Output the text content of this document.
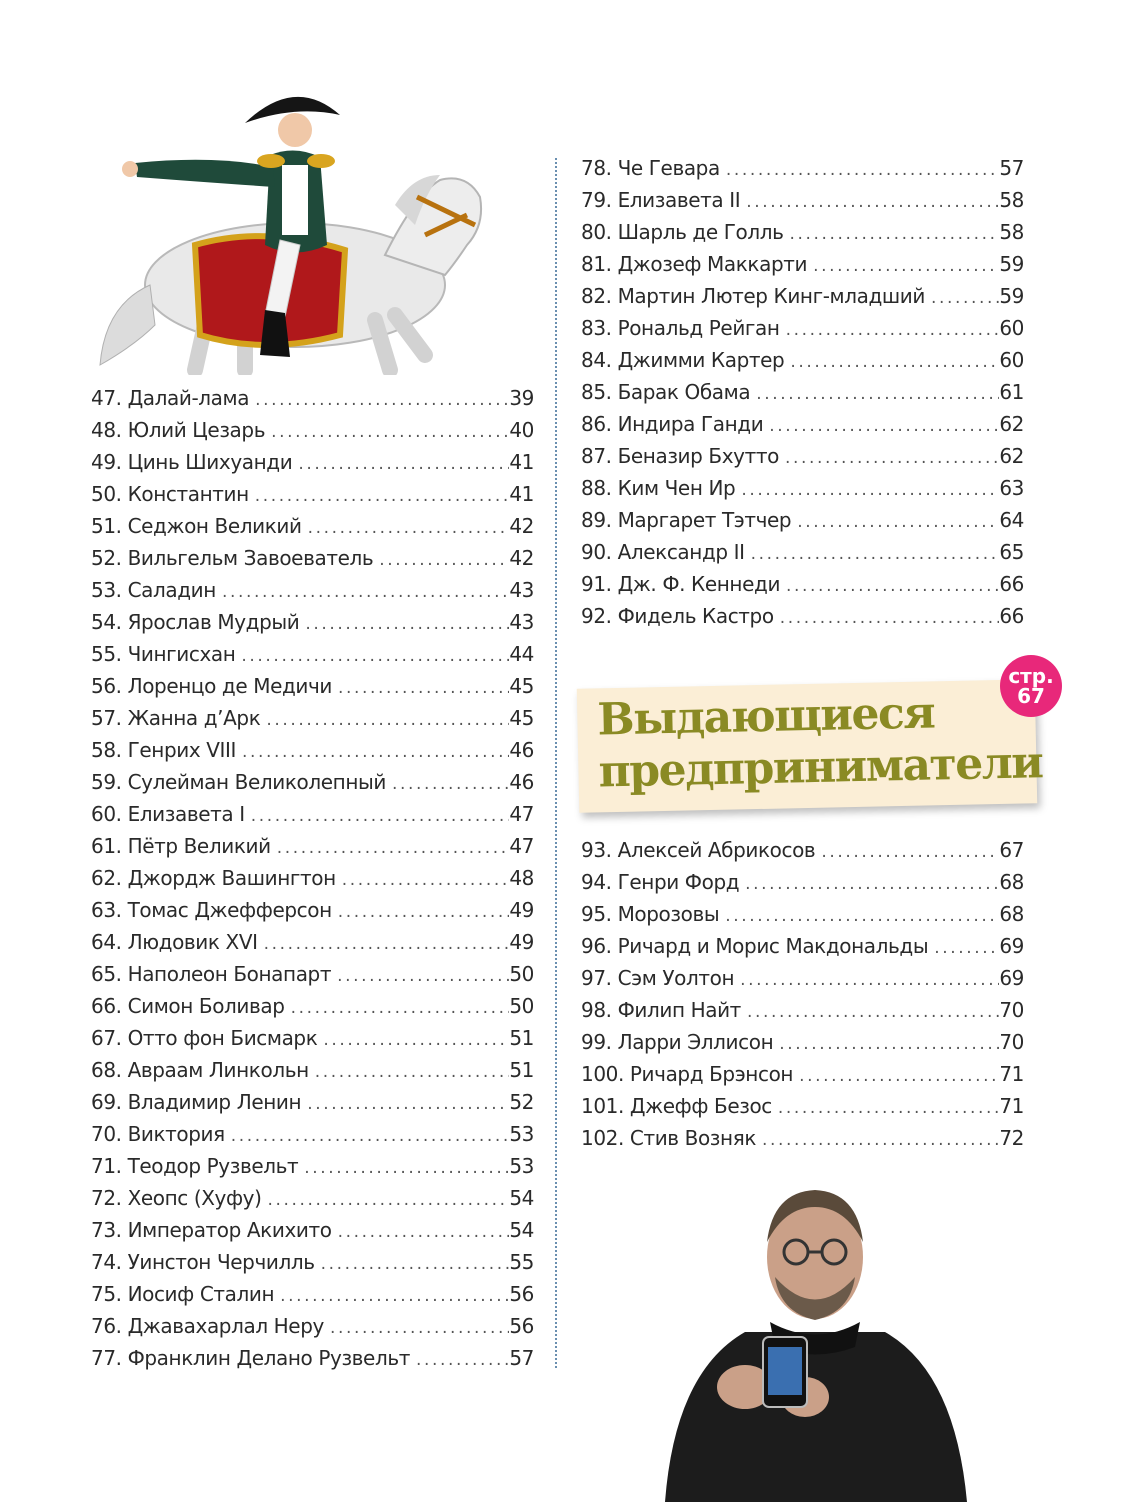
47. Далай-лама .....	39
48. Юлий Цезарь .....	40
49. Цинь Шихуанди .....	41
50. Константин .....	41
51. Седжон Великий .....	42
52. Вильгельм Завоеватель .....	42
53. Саладин .....	43
54. Ярослав Мудрый .....	43
55. Чингисхан .....	44
56. Лоренцо де Медичи .....	45
57. Жанна д’Арк .....	45
58. Генрих VIII .....	46
59. Сулейман Великолепный .....	46
60. Елизавета I .....	47
61. Пётр Великий .....	47
62. Джордж Вашингтон .....	48
63. Томас Джефферсон .....	49
64. Людовик XVI .....	49
65. Наполеон Бонапарт .....	50
66. Симон Боливар .....	50
67. Отто фон Бисмарк .....	51
68. Авраам Линкольн .....	51
69. Владимир Ленин .....	52
70. Виктория .....	53
71. Теодор Рузвельт .....	53
72. Хеопс (Хуфу) .....	54
73. Император Акихито .....	54
74. Уинстон Черчилль .....	55
75. Иосиф Сталин .....	56
76. Джавахарлал Неру .....	56
77. Франклин Делано Рузвельт .....	57
78. Че Гевара .....	57
79. Елизавета II .....	58
80. Шарль де Голль .....	58
81. Джозеф Маккарти .....	59
82. Мартин Лютер Кинг-младший .....	59
83. Рональд Рейган .....	60
84. Джимми Картер .....	60
85. Барак Обама .....	61
86. Индира Ганди .....	62
87. Беназир Бхутто .....	62
88. Ким Чен Ир .....	63
89. Маргарет Тэтчер .....	64
90. Александр II .....	65
91. Дж. Ф. Кеннеди .....	66
92. Фидель Кастро .....	66
Выдающиеся
предприниматели
стр.
67
93. Алексей Абрикосов .....	67
94. Генри Форд .....	68
95. Морозовы .....	68
96. Ричард и Морис Макдональды .....	69
97. Сэм Уолтон .....	69
98. Филип Найт .....	70
99. Ларри Эллисон .....	70
100. Ричард Брэнсон .....	71
101. Джефф Безос .....	71
102. Стив Возняк .....	72
